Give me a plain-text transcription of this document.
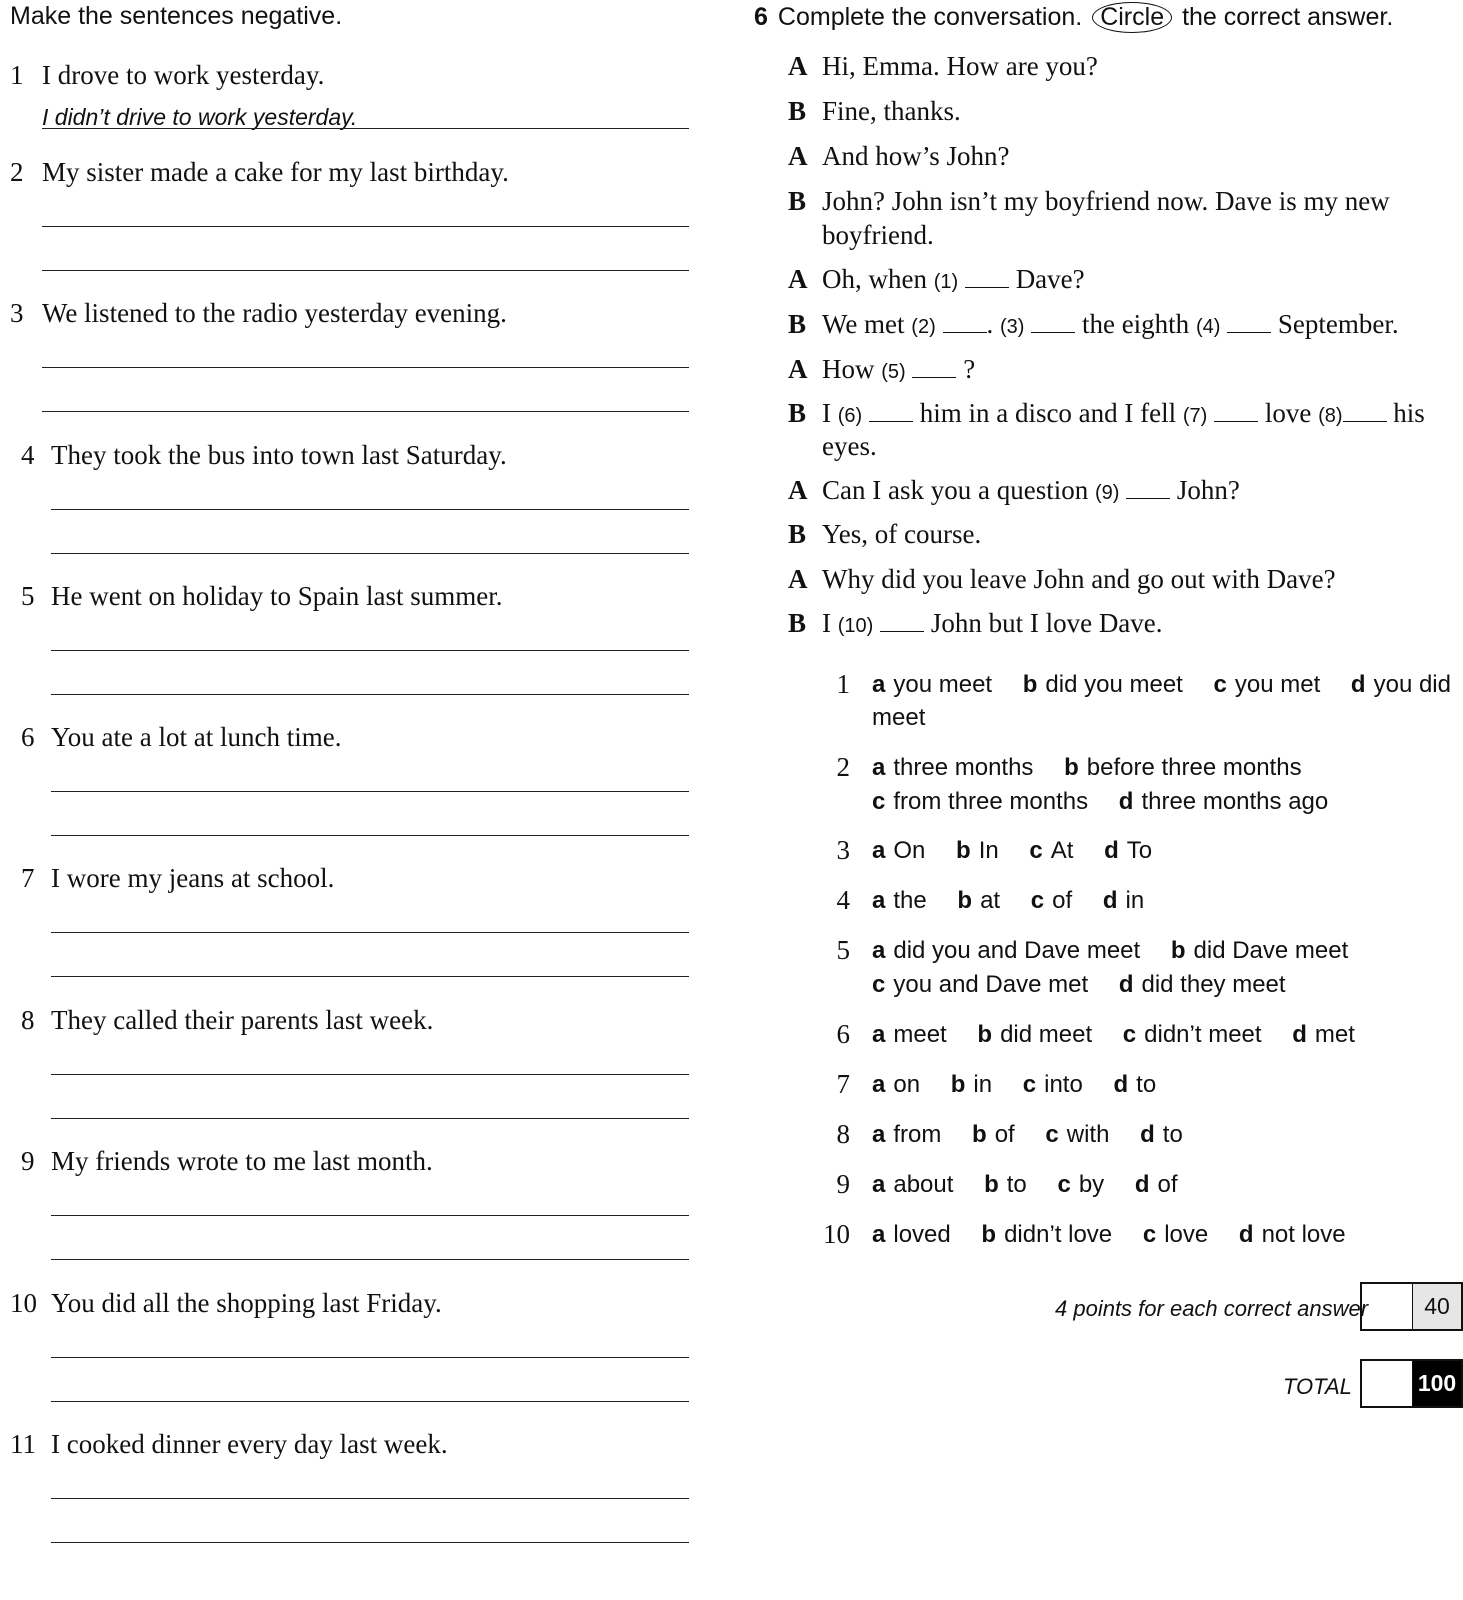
Make the sentences negative.
1 I drove to work yesterday.
I didn’t drive to work yesterday.
2 My sister made a cake for my last birthday.
3 We listened to the radio yesterday evening.
4 They took the bus into town last Saturday.
5 He went on holiday to Spain last summer.
6 You ate a lot at lunch time.
7 I wore my jeans at school.
8 They called their parents last week.
9 My friends wrote to me last month.
10 You did all the shopping last Friday.
11 I cooked dinner every day last week.
6 Complete the conversation. Circle the correct answer.
A Hi, Emma. How are you?
B Fine, thanks.
A And how’s John?
B John? John isn’t my boyfriend now. Dave is my new
boyfriend.
A Oh, when (1) Dave?
B We met (2) . (3) the eighth (4) September.
A How (5) ?
B I (6) him in a disco and I fell (7) love (8) his
eyes.
A Can I ask you a question (9) John?
B Yes, of course.
A Why did you leave John and go out with Dave?
B I (10) John but I love Dave.
1 a you meet b did you meet c you met d you did
meet
2 a three months b before three months
c from three months d three months ago
3 a On b In c At d To
4 a the b at c of d in
5 a did you and Dave meet b did Dave meet
c you and Dave met d did they meet
6 a meet b did meet c didn’t meet d met
7 a on b in c into d to
8 a from b of c with d to
9 a about b to c by d of
10 a loved b didn’t love c love d not love
4 points for each correct answer	40
TOTAL	100
